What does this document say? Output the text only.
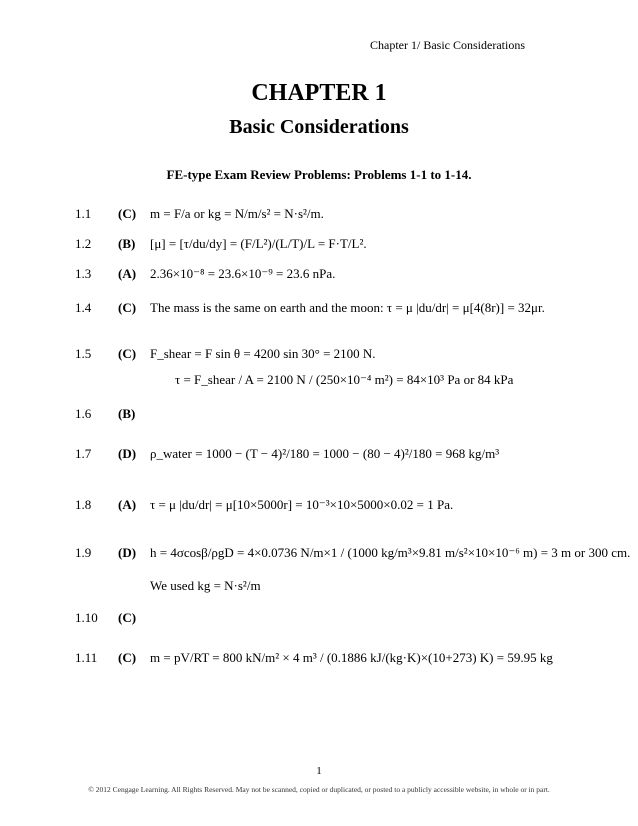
Chapter 1/ Basic Considerations
CHAPTER 1
Basic Considerations
FE-type Exam Review Problems: Problems 1-1 to 1-14.
1.1 (C) m = F/a or kg = N/m/s² = N·s²/m.
1.2 (B) [μ] = [τ/du/dy] = (F/L²)/(L/T)/L = F·T/L².
1.3 (A) 2.36×10⁻⁸ = 23.6×10⁻⁹ = 23.6 nPa.
1.4 (C) The mass is the same on earth and the moon: τ = μ |du/dr| = μ[4(8r)] = 32μr.
1.5 (C) F_shear = F sin θ = 4200 sin 30° = 2100 N.
τ = F_shear / A = 2100 N / (250×10⁻⁴ m²) = 84×10³ Pa or 84 kPa
1.6 (B)
1.7 (D) ρ_water = 1000 − (T − 4)²/180 = 1000 − (80 − 4)²/180 = 968 kg/m³
1.8 (A) τ = μ |du/dr| = μ[10×5000r] = 10⁻³×10×5000×0.02 = 1 Pa.
1.9 (D) h = 4σcosβ/ρgD = 4×0.0736 N/m×1 / (1000 kg/m³×9.81 m/s²×10×10⁻⁶ m) = 3 m or 300 cm.
We used kg = N·s²/m
1.10 (C)
1.11 (C) m = pV/RT = 800 kN/m² × 4 m³ / (0.1886 kJ/(kg·K)×(10+273) K) = 59.95 kg
1
© 2012 Cengage Learning. All Rights Reserved. May not be scanned, copied or duplicated, or posted to a publicly accessible website, in whole or in part.
